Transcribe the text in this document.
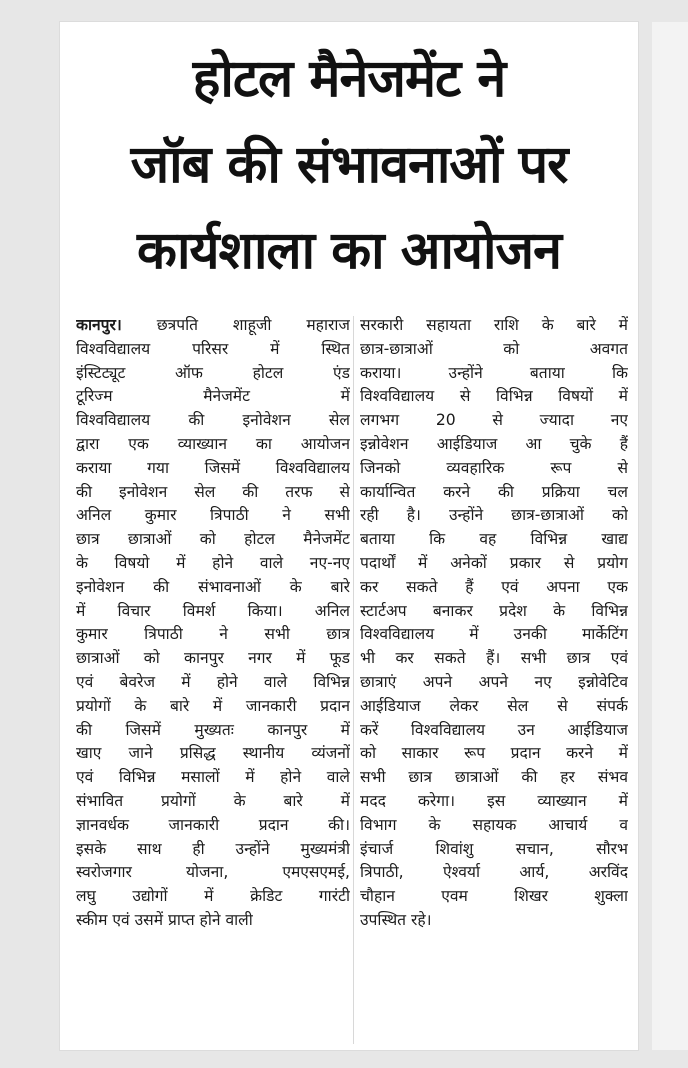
होटल मैनेजमेंट ने
जॉब की संभावनाओं पर
कार्यशाला का आयोजन
कानपुर। छत्रपति शाहूजी महाराज
विश्वविद्यालय परिसर में स्थित
इंस्टिट्यूट ऑफ होटल एंड
टूरिज्म मैनेजमेंट में
विश्वविद्यालय की इनोवेशन सेल
द्वारा एक व्याख्यान का आयोजन
कराया गया जिसमें विश्वविद्यालय
की इनोवेशन सेल की तरफ से
अनिल कुमार त्रिपाठी ने सभी
छात्र छात्राओं को होटल मैनेजमेंट
के विषयो में होने वाले नए-नए
इनोवेशन की संभावनाओं के बारे
में विचार विमर्श किया। अनिल
कुमार त्रिपाठी ने सभी छात्र
छात्राओं को कानपुर नगर में फूड
एवं बेवरेज में होने वाले विभिन्न
प्रयोगों के बारे में जानकारी प्रदान
की जिसमें मुख्यतः कानपुर में
खाए जाने प्रसिद्ध स्थानीय व्यंजनों
एवं विभिन्न मसालों में होने वाले
संभावित प्रयोगों के बारे में
ज्ञानवर्धक जानकारी प्रदान की।
इसके साथ ही उन्होंने मुख्यमंत्री
स्वरोजगार योजना, एमएसएमई,
लघु उद्योगों में क्रेडिट गारंटी
स्कीम एवं उसमें प्राप्त होने वाली
सरकारी सहायता राशि के बारे में
छात्र-छात्राओं को अवगत
कराया। उन्होंने बताया कि
विश्वविद्यालय से विभिन्न विषयों में
लगभग 20 से ज्यादा नए
इन्नोवेशन आईडियाज आ चुके हैं
जिनको व्यवहारिक रूप से
कार्यान्वित करने की प्रक्रिया चल
रही है। उन्होंने छात्र-छात्राओं को
बताया कि वह विभिन्न खाद्य
पदार्थों में अनेकों प्रकार से प्रयोग
कर सकते हैं एवं अपना एक
स्टार्टअप बनाकर प्रदेश के विभिन्न
विश्वविद्यालय में उनकी मार्केटिंग
भी कर सकते हैं। सभी छात्र एवं
छात्राएं अपने अपने नए इन्नोवेटिव
आईडियाज लेकर सेल से संपर्क
करें विश्वविद्यालय उन आईडियाज
को साकार रूप प्रदान करने में
सभी छात्र छात्राओं की हर संभव
मदद करेगा। इस व्याख्यान में
विभाग के सहायक आचार्य व
इंचार्ज शिवांशु सचान, सौरभ
त्रिपाठी, ऐश्वर्या आर्य, अरविंद
चौहान एवम शिखर शुक्ला
उपस्थित रहे।
